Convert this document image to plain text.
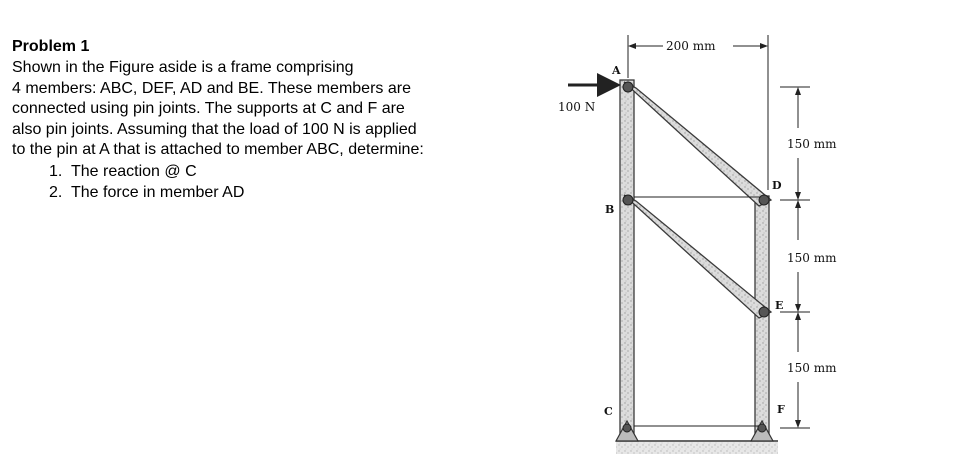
Problem 1

Shown in the Figure aside is a frame comprising
4 members: ABC, DEF, AD and BE. These members are
connected using pin joints. The supports at C and F are
also pin joints. Assuming that the load of 100 N is applied
to the pin at A that is attached to member ABC, determine:

1. The reaction @ C
2. The force in member AD
100 N
A
B
C
D
E
F
200 mm
150 mm
150 mm
150 mm
